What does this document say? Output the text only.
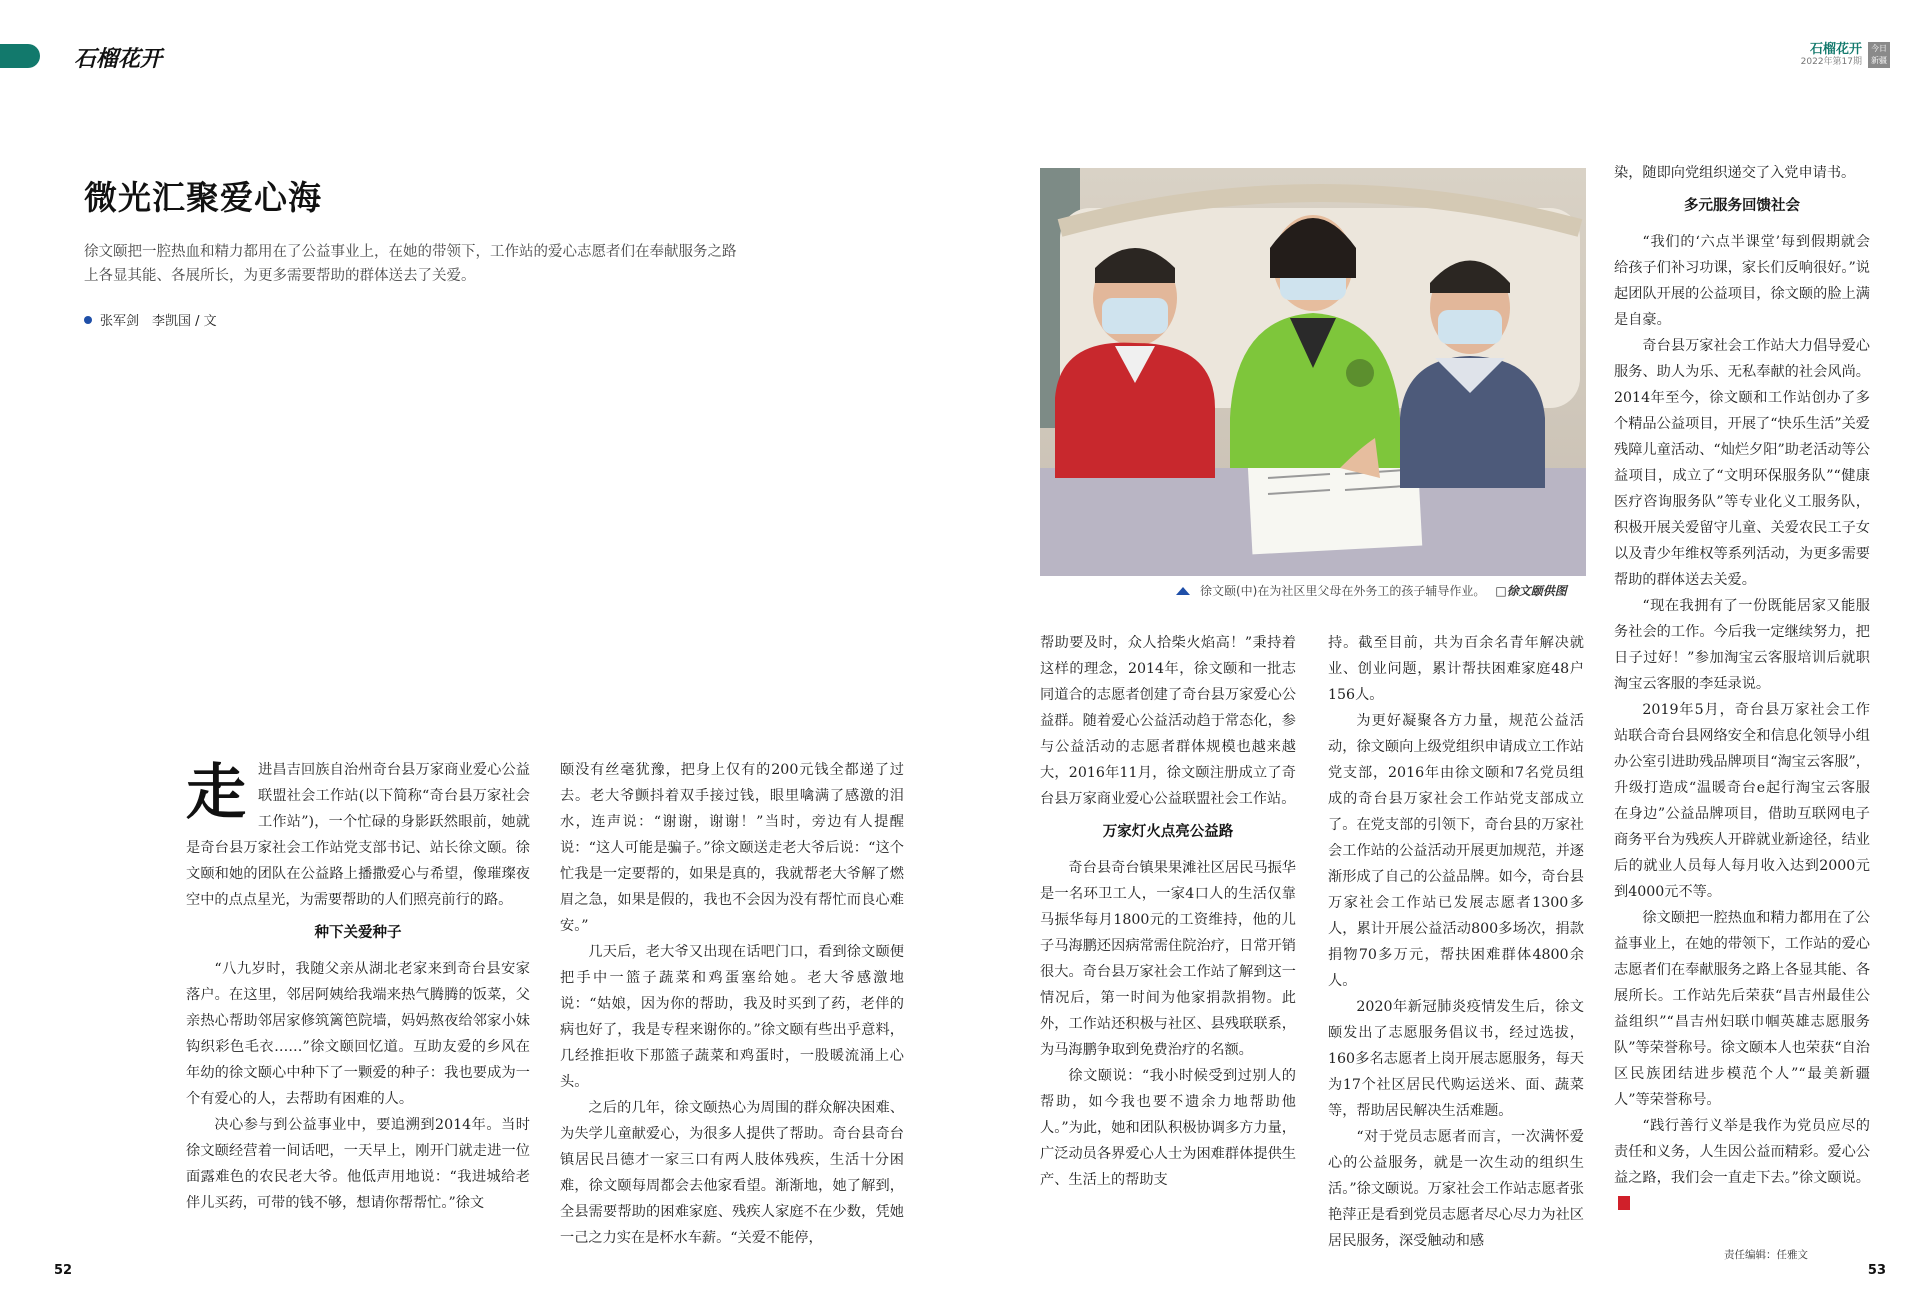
石榴花开	石榴花开
2022年第17期
今日新疆
微光汇聚爱心海
徐文颐把一腔热血和精力都用在了公益事业上，在她的带领下，工作站的爱心志愿者们在奉献服务之路上各显其能、各展所长，为更多需要帮助的群体送去了关爱。
张军剑　李凯国 / 文
走 进昌吉回族自治州奇台县万家商业爱心公益联盟社会工作站(以下简称“奇台县万家社会工作站”)，一个忙碌的身影跃然眼前，她就是奇台县万家社会工作站党支部书记、站长徐文颐。徐文颐和她的团队在公益路上播撒爱心与希望，像璀璨夜空中的点点星光，为需要帮助的人们照亮前行的路。

种下关爱种子

“八九岁时，我随父亲从湖北老家来到奇台县安家落户。在这里，邻居阿姨给我端来热气腾腾的饭菜，父亲热心帮助邻居家修筑篱笆院墙，妈妈熬夜给邻家小妹钩织彩色毛衣……”徐文颐回忆道。互助友爱的乡风在年幼的徐文颐心中种下了一颗爱的种子：我也要成为一个有爱心的人，去帮助有困难的人。

决心参与到公益事业中，要追溯到2014年。当时徐文颐经营着一间话吧，一天早上，刚开门就走进一位面露难色的农民老大爷。他低声用地说：“我进城给老伴儿买药，可带的钱不够，想请你帮帮忙。”徐文

颐没有丝毫犹豫，把身上仅有的200元钱全都递了过去。老大爷颤抖着双手接过钱，眼里噙满了感激的泪水，连声说：“谢谢，谢谢！”当时，旁边有人提醒说：“这人可能是骗子。”徐文颐送走老大爷后说：“这个忙我是一定要帮的，如果是真的，我就帮老大爷解了燃眉之急，如果是假的，我也不会因为没有帮忙而良心难安。”

几天后，老大爷又出现在话吧门口，看到徐文颐便把手中一篮子蔬菜和鸡蛋塞给她。老大爷感激地说：“姑娘，因为你的帮助，我及时买到了药，老伴的病也好了，我是专程来谢你的。”徐文颐有些出乎意料，几经推拒收下那篮子蔬菜和鸡蛋时，一股暖流涌上心头。

之后的几年，徐文颐热心为周围的群众解决困难、为失学儿童献爱心，为很多人提供了帮助。奇台县奇台镇居民吕德才一家三口有两人肢体残疾，生活十分困难，徐文颐每周都会去他家看望。渐渐地，她了解到，全县需要帮助的困难家庭、残疾人家庭不在少数，凭她一己之力实在是杯水车薪。“关爱不能停，

徐文颐(中)在为社区里父母在外务工的孩子辅导作业。 □徐文颐供图

帮助要及时，众人拾柴火焰高！”秉持着这样的理念，2014年，徐文颐和一批志同道合的志愿者创建了奇台县万家爱心公益群。随着爱心公益活动趋于常态化，参与公益活动的志愿者群体规模也越来越大，2016年11月，徐文颐注册成立了奇台县万家商业爱心公益联盟社会工作站。

万家灯火点亮公益路

奇台县奇台镇果果滩社区居民马振华是一名环卫工人，一家4口人的生活仅靠马振华每月1800元的工资维持，他的儿子马海鹏还因病常需住院治疗，日常开销很大。奇台县万家社会工作站了解到这一情况后，第一时间为他家捐款捐物。此外，工作站还积极与社区、县残联联系，为马海鹏争取到免费治疗的名额。

徐文颐说：“我小时候受到过别人的帮助，如今我也要不遗余力地帮助他人。”为此，她和团队积极协调多方力量，广泛动员各界爱心人士为困难群体提供生产、生活上的帮助支

持。截至目前，共为百余名青年解决就业、创业问题，累计帮扶困难家庭48户156人。

为更好凝聚各方力量，规范公益活动，徐文颐向上级党组织申请成立工作站党支部，2016年由徐文颐和7名党员组成的奇台县万家社会工作站党支部成立了。在党支部的引领下，奇台县的万家社会工作站的公益活动开展更加规范，并逐渐形成了自己的公益品牌。如今，奇台县万家社会工作站已发展志愿者1300多人，累计开展公益活动800多场次，捐款捐物70多万元，帮扶困难群体4800余人。

2020年新冠肺炎疫情发生后，徐文颐发出了志愿服务倡议书，经过选拔，160多名志愿者上岗开展志愿服务，每天为17个社区居民代购运送米、面、蔬菜等，帮助居民解决生活难题。

“对于党员志愿者而言，一次满怀爱心的公益服务，就是一次生动的组织生活。”徐文颐说。万家社会工作站志愿者张艳萍正是看到党员志愿者尽心尽力为社区居民服务，深受触动和感

染，随即向党组织递交了入党申请书。

多元服务回馈社会

“我们的‘六点半课堂’每到假期就会给孩子们补习功课，家长们反响很好。”说起团队开展的公益项目，徐文颐的脸上满是自豪。

奇台县万家社会工作站大力倡导爱心服务、助人为乐、无私奉献的社会风尚。2014年至今，徐文颐和工作站创办了多个精品公益项目，开展了“快乐生活”关爱残障儿童活动、“灿烂夕阳”助老活动等公益项目，成立了“文明环保服务队”“健康医疗咨询服务队”等专业化义工服务队，积极开展关爱留守儿童、关爱农民工子女以及青少年维权等系列活动，为更多需要帮助的群体送去关爱。

“现在我拥有了一份既能居家又能服务社会的工作。今后我一定继续努力，把日子过好！”参加淘宝云客服培训后就职淘宝云客服的李廷录说。

2019年5月，奇台县万家社会工作站联合奇台县网络安全和信息化领导小组办公室引进助残品牌项目“淘宝云客服”，升级打造成“温暖奇台e起行淘宝云客服在身边”公益品牌项目，借助互联网电子商务平台为残疾人开辟就业新途径，结业后的就业人员每人每月收入达到2000元到4000元不等。

徐文颐把一腔热血和精力都用在了公益事业上，在她的带领下，工作站的爱心志愿者们在奉献服务之路上各显其能、各展所长。工作站先后荣获“昌吉州最佳公益组织”“昌吉州妇联巾帼英雄志愿服务队”等荣誉称号。徐文颐本人也荣获“自治区民族团结进步模范个人”“最美新疆人”等荣誉称号。

“践行善行义举是我作为党员应尽的责任和义务，人生因公益而精彩。爱心公益之路，我们会一直走下去。”徐文颐说。

52	53
责任编辑：任雅文
